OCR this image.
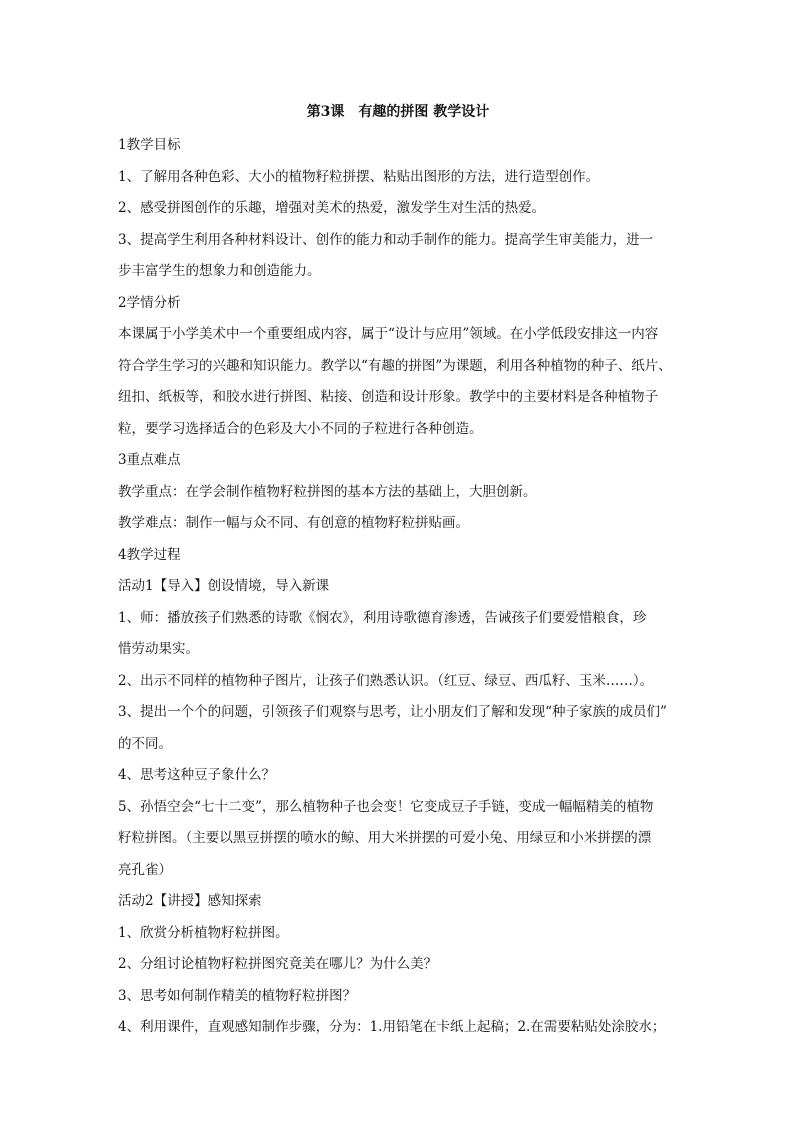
第3课　有趣的拼图 教学设计
1教学目标
1、了解用各种色彩、大小的植物籽粒拼摆、粘贴出图形的方法，进行造型创作。
2、感受拼图创作的乐趣，增强对美术的热爱，激发学生对生活的热爱。
3、提高学生利用各种材料设计、创作的能力和动手制作的能力。提高学生审美能力，进一
步丰富学生的想象力和创造能力。
2学情分析
本课属于小学美术中一个重要组成内容，属于“设计与应用”领域。在小学低段安排这一内容
符合学生学习的兴趣和知识能力。教学以“有趣的拼图”为课题，利用各种植物的种子、纸片、
纽扣、纸板等，和胶水进行拼图、粘接、创造和设计形象。教学中的主要材料是各种植物子
粒，要学习选择适合的色彩及大小不同的子粒进行各种创造。
3重点难点
教学重点：在学会制作植物籽粒拼图的基本方法的基础上，大胆创新。
教学难点：制作一幅与众不同、有创意的植物籽粒拼贴画。
4教学过程
活动1【导入】创设情境，导入新课
1、师：播放孩子们熟悉的诗歌《悯农》，利用诗歌德育渗透，告诫孩子们要爱惜粮食，珍
惜劳动果实。
2、出示不同样的植物种子图片，让孩子们熟悉认识。（红豆、绿豆、西瓜籽、玉米……）。
3、提出一个个的问题，引领孩子们观察与思考，让小朋友们了解和发现“种子家族的成员们”
的不同。
4、思考这种豆子象什么？
5、孙悟空会“七十二变”，那么植物种子也会变！它变成豆子手链，变成一幅幅精美的植物
籽粒拼图。（主要以黑豆拼摆的喷水的鲸、用大米拼摆的可爱小兔、用绿豆和小米拼摆的漂
亮孔雀）
活动2【讲授】感知探索
1、欣赏分析植物籽粒拼图。
2、分组讨论植物籽粒拼图究竟美在哪儿？为什么美？
3、思考如何制作精美的植物籽粒拼图？
4、利用课件，直观感知制作步骤，分为：1.用铅笔在卡纸上起稿；2.在需要粘贴处涂胶水；
